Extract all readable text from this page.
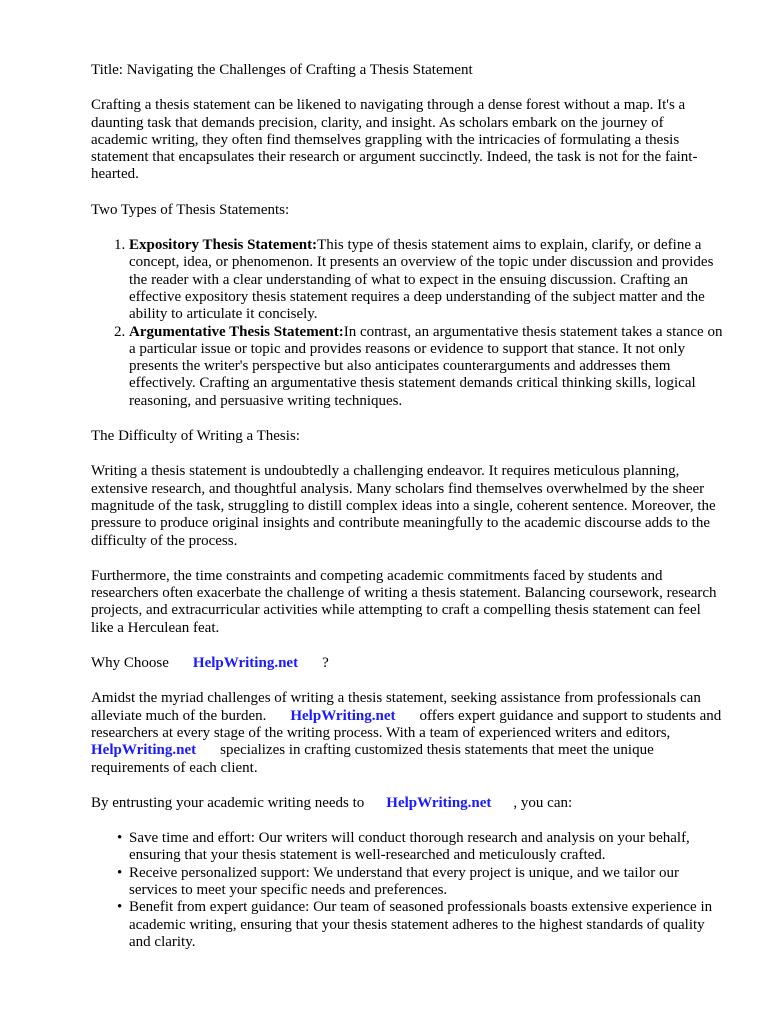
Title: Navigating the Challenges of Crafting a Thesis Statement

Crafting a thesis statement can be likened to navigating through a dense forest without a map. It's a daunting task that demands precision, clarity, and insight. As scholars embark on the journey of academic writing, they often find themselves grappling with the intricacies of formulating a thesis statement that encapsulates their research or argument succinctly. Indeed, the task is not for the faint-hearted.

Two Types of Thesis Statements:

1. Expository Thesis Statement:This type of thesis statement aims to explain, clarify, or define a concept, idea, or phenomenon. It presents an overview of the topic under discussion and provides the reader with a clear understanding of what to expect in the ensuing discussion. Crafting an effective expository thesis statement requires a deep understanding of the subject matter and the ability to articulate it concisely.
2. Argumentative Thesis Statement:In contrast, an argumentative thesis statement takes a stance on a particular issue or topic and provides reasons or evidence to support that stance. It not only presents the writer's perspective but also anticipates counterarguments and addresses them effectively. Crafting an argumentative thesis statement demands critical thinking skills, logical reasoning, and persuasive writing techniques.

The Difficulty of Writing a Thesis:

Writing a thesis statement is undoubtedly a challenging endeavor. It requires meticulous planning, extensive research, and thoughtful analysis. Many scholars find themselves overwhelmed by the sheer magnitude of the task, struggling to distill complex ideas into a single, coherent sentence. Moreover, the pressure to produce original insights and contribute meaningfully to the academic discourse adds to the difficulty of the process.

Furthermore, the time constraints and competing academic commitments faced by students and researchers often exacerbate the challenge of writing a thesis statement. Balancing coursework, research projects, and extracurricular activities while attempting to craft a compelling thesis statement can feel like a Herculean feat.

Why Choose HelpWriting.net ?

Amidst the myriad challenges of writing a thesis statement, seeking assistance from professionals can alleviate much of the burden. HelpWriting.net offers expert guidance and support to students and researchers at every stage of the writing process. With a team of experienced writers and editors,HelpWriting.net specializes in crafting customized thesis statements that meet the unique requirements of each client.

By entrusting your academic writing needs to HelpWriting.net , you can:

• Save time and effort: Our writers will conduct thorough research and analysis on your behalf, ensuring that your thesis statement is well-researched and meticulously crafted.
• Receive personalized support: We understand that every project is unique, and we tailor our services to meet your specific needs and preferences.
• Benefit from expert guidance: Our team of seasoned professionals boasts extensive experience in academic writing, ensuring that your thesis statement adheres to the highest standards of quality and clarity.
